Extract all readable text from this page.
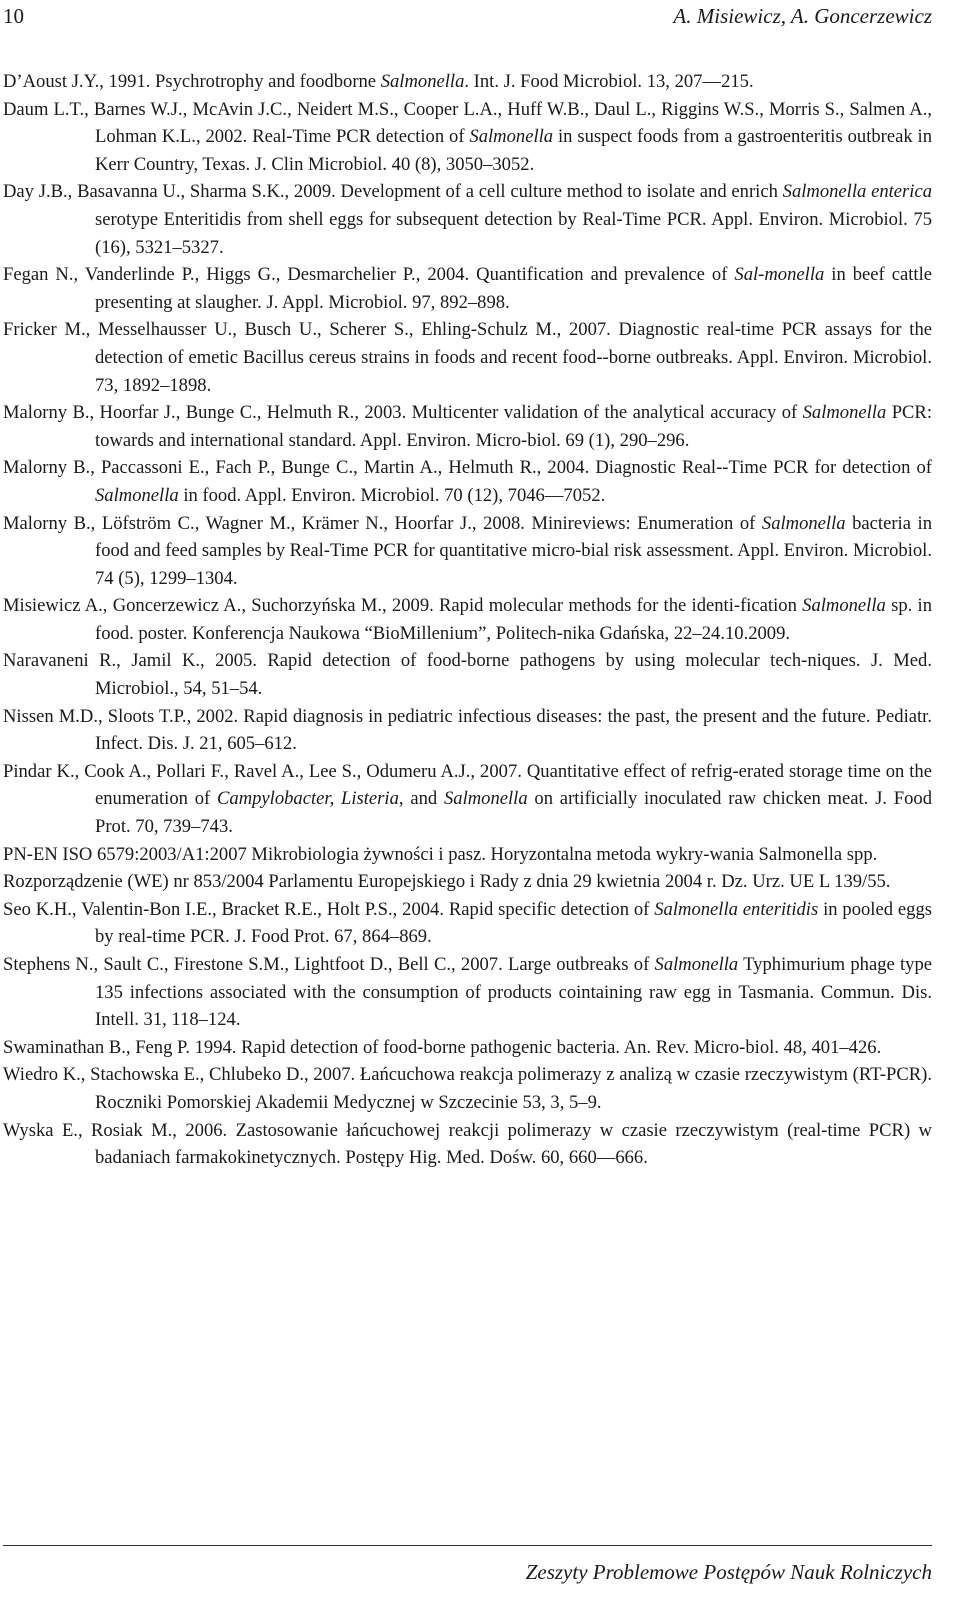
10	A. Misiewicz, A. Goncerzewicz

D’Aoust J.Y., 1991. Psychrotrophy and foodborne Salmonella. Int. J. Food Microbiol. 13, 207––215.

Daum L.T., Barnes W.J., McAvin J.C., Neidert M.S., Cooper L.A., Huff W.B., Daul L., Riggins W.S., Morris S., Salmen A., Lohman K.L., 2002. Real-Time PCR detection of Salmonella in suspect foods from a gastroenteritis outbreak in Kerr Country, Texas. J. Clin Microbiol. 40 (8), 3050–3052.

Day J.B., Basavanna U., Sharma S.K., 2009. Development of a cell culture method to isolate and enrich Salmonella enterica serotype Enteritidis from shell eggs for subsequent detection by Real-Time PCR. Appl. Environ. Microbiol. 75 (16), 5321–5327.

Fegan N., Vanderlinde P., Higgs G., Desmarchelier P., 2004. Quantification and prevalence of Sal-monella in beef cattle presenting at slaugher. J. Appl. Microbiol. 97, 892–898.

Fricker M., Messelhausser U., Busch U., Scherer S., Ehling-Schulz M., 2007. Diagnostic real-time PCR assays for the detection of emetic Bacillus cereus strains in foods and recent food--borne outbreaks. Appl. Environ. Microbiol. 73, 1892–1898.

Malorny B., Hoorfar J., Bunge C., Helmuth R., 2003. Multicenter validation of the analytical accuracy of Salmonella PCR: towards and international standard. Appl. Environ. Micro-biol. 69 (1), 290–296.

Malorny B., Paccassoni E., Fach P., Bunge C., Martin A., Helmuth R., 2004. Diagnostic Real--Time PCR for detection of Salmonella in food. Appl. Environ. Microbiol. 70 (12), 7046––7052.

Malorny B., Löfström C., Wagner M., Krämer N., Hoorfar J., 2008. Minireviews: Enumeration of Salmonella bacteria in food and feed samples by Real-Time PCR for quantitative micro-bial risk assessment. Appl. Environ. Microbiol. 74 (5), 1299–1304.

Misiewicz A., Goncerzewicz A., Suchorzyńska M., 2009. Rapid molecular methods for the identi-fication Salmonella sp. in food. poster. Konferencja Naukowa “BioMillenium”, Politech-nika Gdańska, 22–24.10.2009.

Naravaneni R., Jamil K., 2005. Rapid detection of food-borne pathogens by using molecular tech-niques. J. Med. Microbiol., 54, 51–54.

Nissen M.D., Sloots T.P., 2002. Rapid diagnosis in pediatric infectious diseases: the past, the present and the future. Pediatr. Infect. Dis. J. 21, 605–612.

Pindar K., Cook A., Pollari F., Ravel A., Lee S., Odumeru A.J., 2007. Quantitative effect of refrig-erated storage time on the enumeration of Campylobacter, Listeria, and Salmonella on artificially inoculated raw chicken meat. J. Food Prot. 70, 739–743.

PN-EN ISO 6579:2003/A1:2007 Mikrobiologia żywności i pasz. Horyzontalna metoda wykry-wania Salmonella spp.

Rozporządzenie (WE) nr 853/2004 Parlamentu Europejskiego i Rady z dnia 29 kwietnia 2004 r. Dz. Urz. UE L 139/55.

Seo K.H., Valentin-Bon I.E., Bracket R.E., Holt P.S., 2004. Rapid specific detection of Salmonella enteritidis in pooled eggs by real-time PCR. J. Food Prot. 67, 864–869.

Stephens N., Sault C., Firestone S.M., Lightfoot D., Bell C., 2007. Large outbreaks of Salmonella Typhimurium phage type 135 infections associated with the consumption of products cointaining raw egg in Tasmania. Commun. Dis. Intell. 31, 118–124.

Swaminathan B., Feng P. 1994. Rapid detection of food-borne pathogenic bacteria. An. Rev. Micro-biol. 48, 401–426.

Wiedro K., Stachowska E., Chlubeko D., 2007. Łańcuchowa reakcja polimerazy z analizą w czasie rzeczywistym (RT-PCR). Roczniki Pomorskiej Akademii Medycznej w Szczecinie 53, 3, 5–9.

Wyska E., Rosiak M., 2006. Zastosowanie łańcuchowej reakcji polimerazy w czasie rzeczywistym (real-time PCR) w badaniach farmakokinetycznych. Postępy Hig. Med. Dośw. 60, 660––666.

Zeszyty Problemowe Postępów Nauk Rolniczych
